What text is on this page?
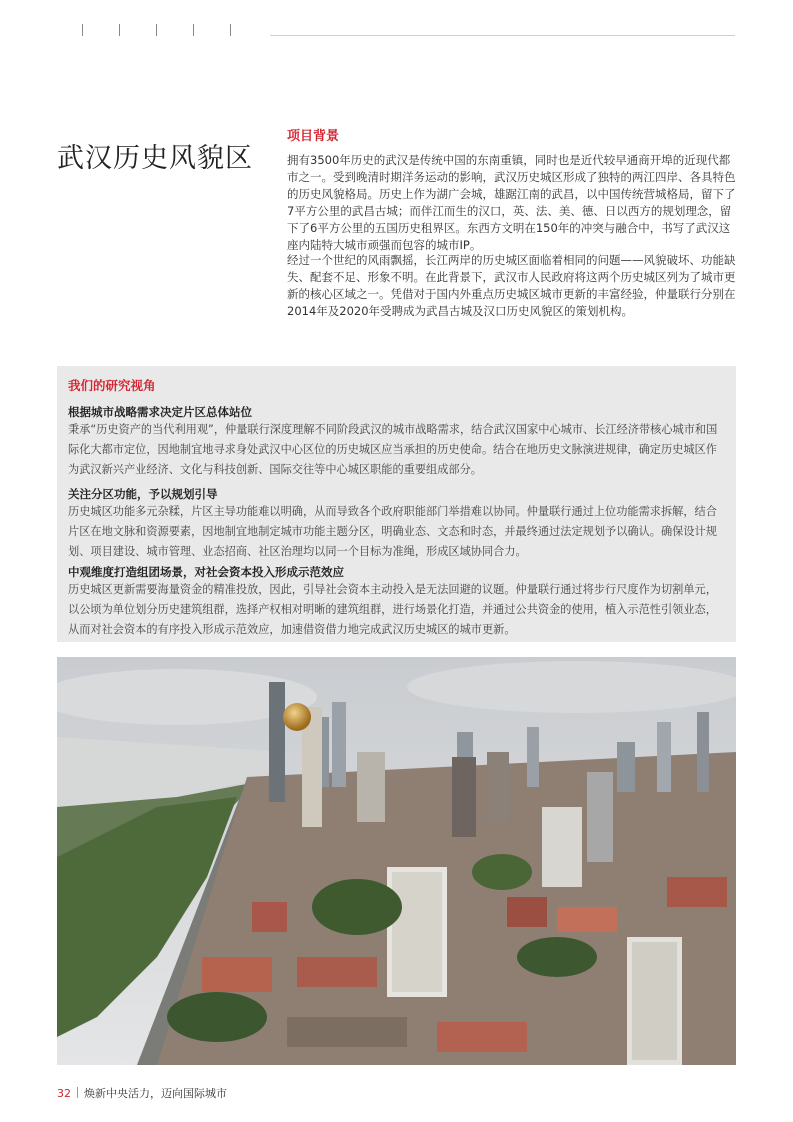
武汉历史风貌区
项目背景

拥有3500年历史的武汉是传统中国的东南重镇，同时也是近代较早通商开埠的近现代都市之一。受到晚清时期洋务运动的影响，武汉历史城区形成了独特的两江四岸、各具特色的历史风貌格局。历史上作为湖广会城，雄踞江南的武昌，以中国传统营城格局，留下了7平方公里的武昌古城；而伴江而生的汉口，英、法、美、德、日以西方的规划理念，留下了6平方公里的五国历史租界区。东西方文明在150年的冲突与融合中，书写了武汉这座内陆特大城市顽强而包容的城市IP。

经过一个世纪的风雨飘摇，长江两岸的历史城区面临着相同的问题——风貌破坏、功能缺失、配套不足、形象不明。在此背景下，武汉市人民政府将这两个历史城区列为了城市更新的核心区域之一。凭借对于国内外重点历史城区城市更新的丰富经验，仲量联行分别在2014年及2020年受聘成为武昌古城及汉口历史风貌区的策划机构。

我们的研究视角
根据城市战略需求决定片区总体站位

秉承“历史资产的当代利用观”，仲量联行深度理解不同阶段武汉的城市战略需求，结合武汉国家中心城市、长江经济带核心城市和国际化大都市定位，因地制宜地寻求身处武汉中心区位的历史城区应当承担的历史使命。结合在地历史文脉演进规律，确定历史城区作为武汉新兴产业经济、文化与科技创新、国际交往等中心城区职能的重要组成部分。

关注分区功能，予以规划引导

历史城区功能多元杂糅，片区主导功能难以明确，从而导致各个政府职能部门举措难以协同。仲量联行通过上位功能需求拆解，结合片区在地文脉和资源要素，因地制宜地制定城市功能主题分区，明确业态、文态和时态，并最终通过法定规划予以确认。确保设计规划、项目建设、城市管理、业态招商、社区治理均以同一个目标为准绳，形成区域协同合力。

中观维度打造组团场景，对社会资本投入形成示范效应

历史城区更新需要海量资金的精准投放，因此，引导社会资本主动投入是无法回避的议题。仲量联行通过将步行尺度作为切割单元，以公顷为单位划分历史建筑组群，选择产权相对明晰的建筑组群，进行场景化打造，并通过公共资金的使用，植入示范性引领业态，从而对社会资本的有序投入形成示范效应，加速借资借力地完成武汉历史城区的城市更新。

32 焕新中央活力，迈向国际城市
